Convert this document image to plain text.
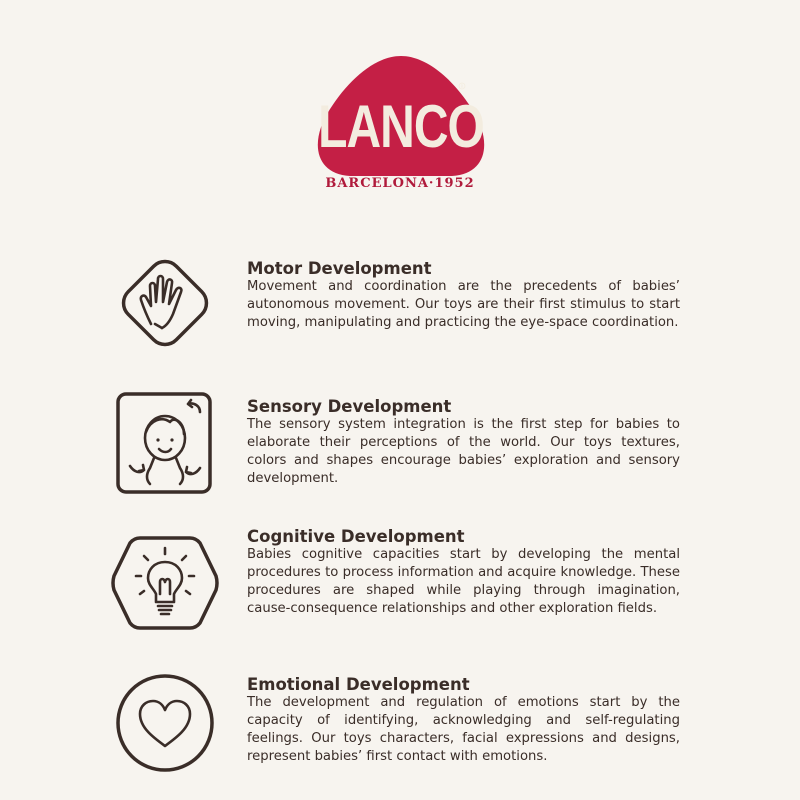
LANCO
R
BARCELONA·1952
Motor Development

Movement and coordination are the precedents of babies’ autonomous movement. Our toys are their first stimulus to start moving, manipulating and practicing the eye-space coordination.

Sensory Development

The sensory system integration is the first step for babies to elaborate their perceptions of the world. Our toys textures, colors and shapes encourage babies’ exploration and sensory development.

Cognitive Development

Babies cognitive capacities start by developing the mental procedures to process information and acquire knowledge. These procedures are shaped while playing through imagination, cause-consequence relationships and other exploration fields.

Emotional Development

The development and regulation of emotions start by the capacity of identifying, acknowledging and self-regulating feelings. Our toys characters, facial expressions and designs, represent babies’ first contact with emotions.
